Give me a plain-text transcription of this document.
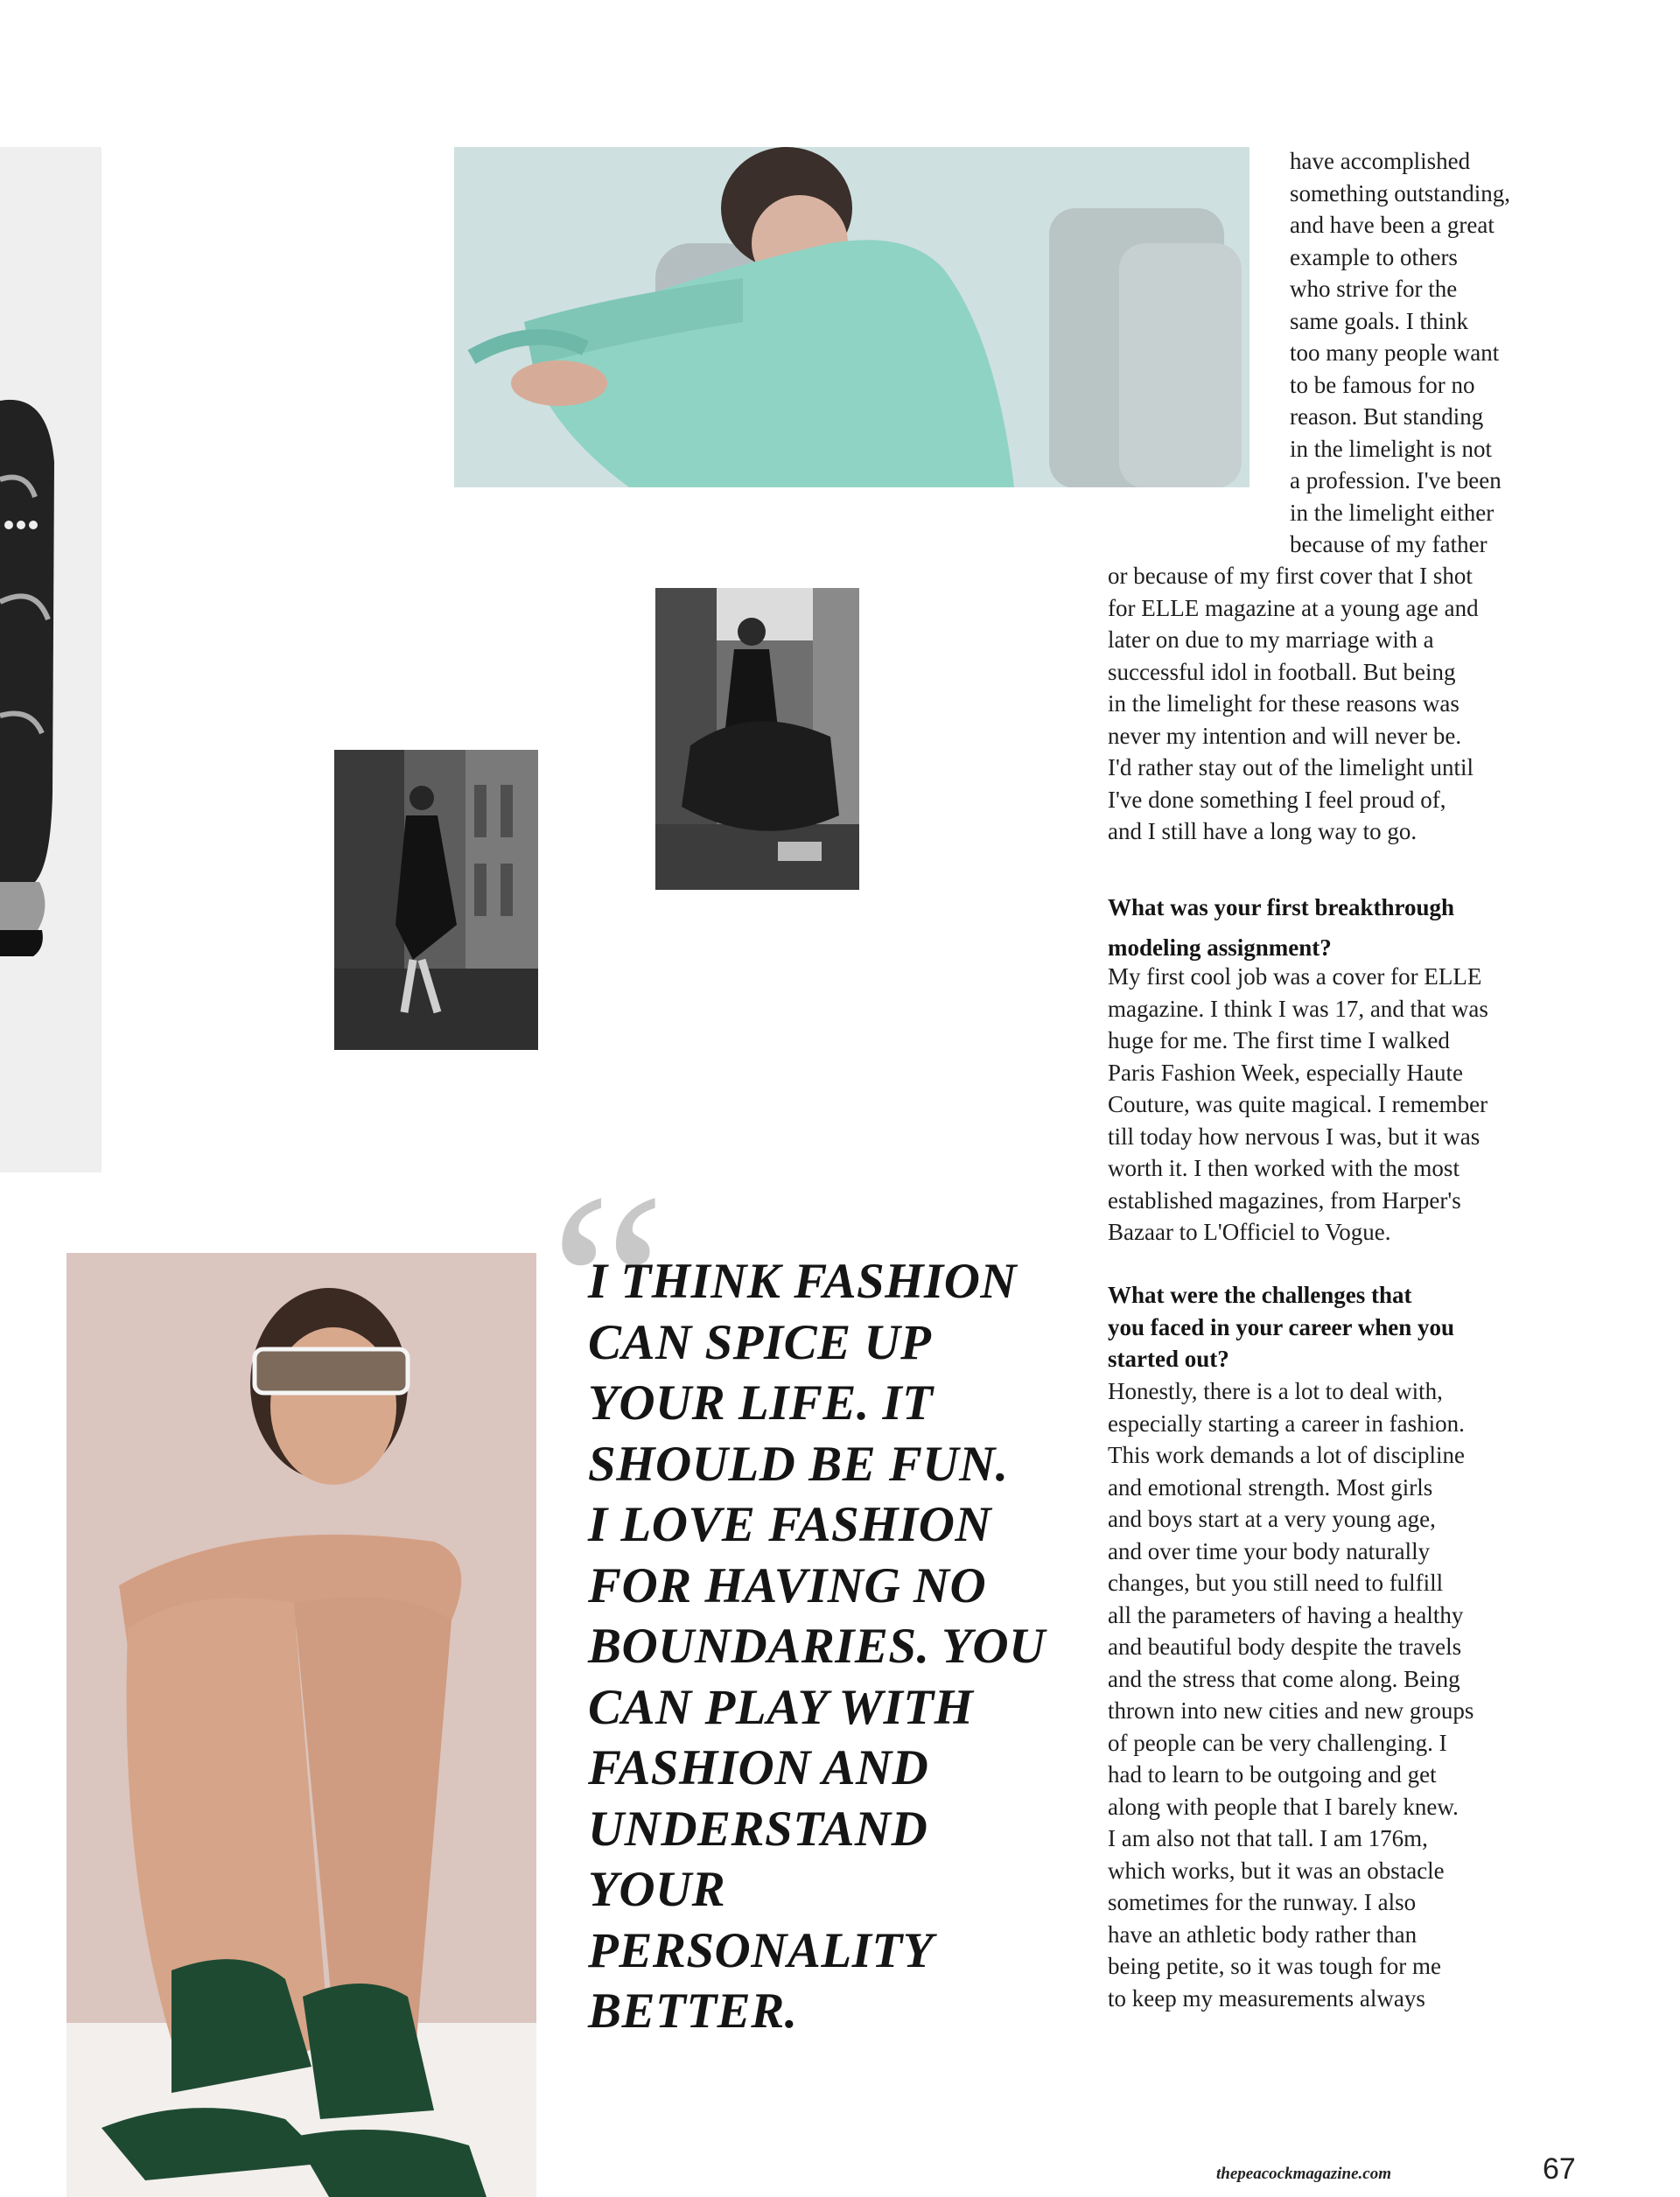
have accomplished
something outstanding,
and have been a great
example to others
who strive for the
same goals. I think
too many people want
to be famous for no
reason. But standing
in the limelight is not
a profession. I've been
in the limelight either
because of my father
or because of my first cover that I shot
for ELLE magazine at a young age and
later on due to my marriage with a
successful idol in football. But being
in the limelight for these reasons was
never my intention and will never be.
I'd rather stay out of the limelight until
I've done something I feel proud of,
and I still have a long way to go.
What was your first breakthrough
modeling assignment?
My first cool job was a cover for ELLE
magazine. I think I was 17, and that was
huge for me. The first time I walked
Paris Fashion Week, especially Haute
Couture, was quite magical. I remember
till today how nervous I was, but it was
worth it. I then worked with the most
established magazines, from Harper's
Bazaar to L'Officiel to Vogue.
What were the challenges that
you faced in your career when you
started out?
Honestly, there is a lot to deal with,
especially starting a career in fashion.
This work demands a lot of discipline
and emotional strength. Most girls
and boys start at a very young age,
and over time your body naturally
changes, but you still need to fulfill
all the parameters of having a healthy
and beautiful body despite the travels
and the stress that come along. Being
thrown into new cities and new groups
of people can be very challenging. I
had to learn to be outgoing and get
along with people that I barely knew.
I am also not that tall. I am 176m,
which works, but it was an obstacle
sometimes for the runway. I also
have an athletic body rather than
being petite, so it was tough for me
to keep my measurements always
“
I THINK FASHION
CAN SPICE UP
YOUR LIFE. IT
SHOULD BE FUN.
I LOVE FASHION
FOR HAVING NO
BOUNDARIES. YOU
CAN PLAY WITH
FASHION AND
UNDERSTAND
YOUR
PERSONALITY
BETTER.
thepeacockmagazine.com	67
